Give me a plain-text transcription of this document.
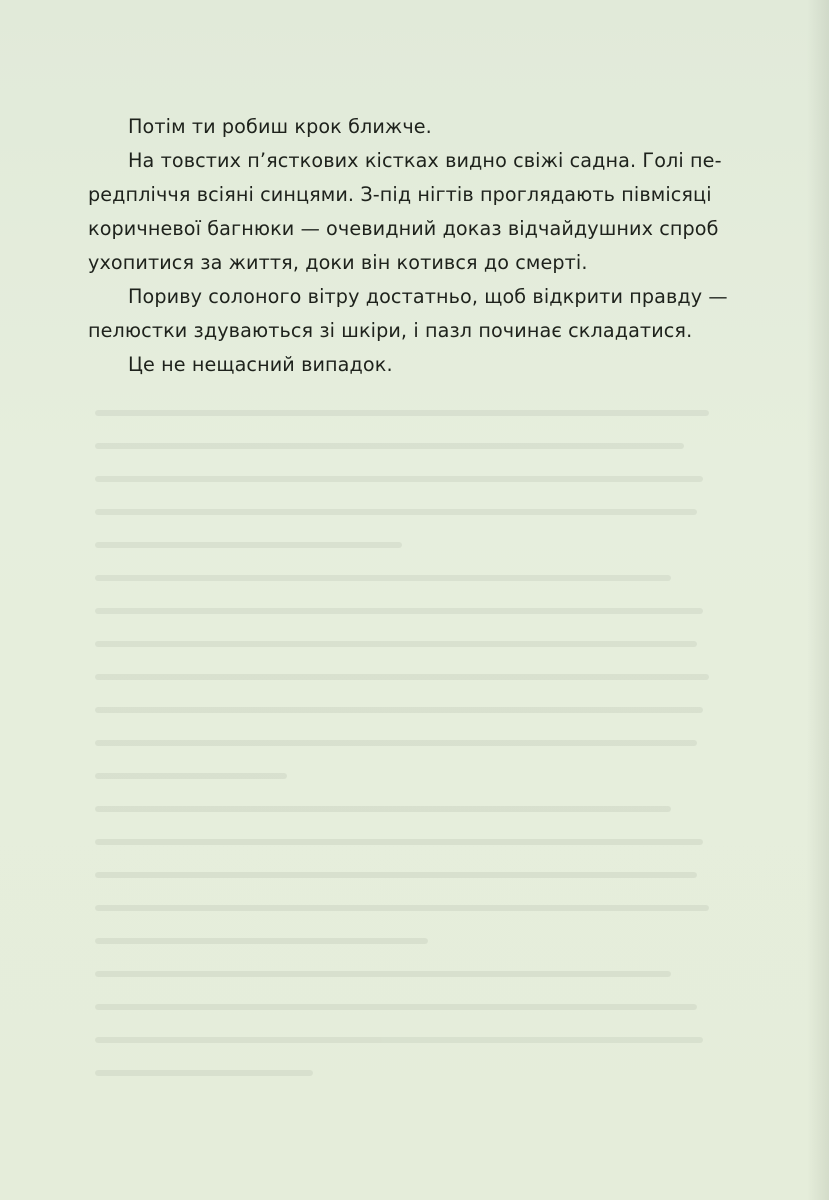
Потім ти робиш крок ближче.

На товстих п’ясткових кістках видно свіжі садна. Голі пе-
редпліччя всіяні синцями. З-під нігтів проглядають півмісяці
коричневої багнюки — очевидний доказ відчайдушних спроб
ухопитися за життя, доки він котився до смерті.

Пориву солоного вітру достатньо, щоб відкрити правду —
пелюстки здуваються зі шкіри, і пазл починає складатися.

Це не нещасний випадок.
